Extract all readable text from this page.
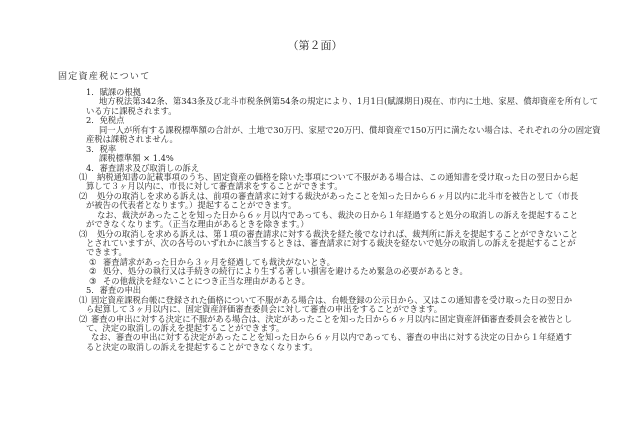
（第２面）
固定資産税について
1．賦課の根拠
地方税法第342条、第343条及び北斗市税条例第54条の規定により、1月1日(賦課期日)現在、市内に土地、家屋、償却資産を所有して
いる方に課税されます。
2．免税点
同一人が所有する課税標準額の合計が、土地で30万円、家屋で20万円、償却資産で150万円に満たない場合は、それぞれの分の固定資
産税は課税されません。
3．税率
課税標準額 × 1.4%
4．審査請求及び取消しの訴え
⑴ 納税通知書の記載事項のうち、固定資産の価格を除いた事項について不服がある場合は、この通知書を受け取った日の翌日から起
算して３ヶ月以内に、市長に対して審査請求をすることができます。
⑵ 処分の取消しを求める訴えは、前項の審査請求に対する裁決があったことを知った日から６ヶ月以内に北斗市を被告として（市長
が被告の代表者となります。）提起することができます。
なお、裁決があったことを知った日から６ヶ月以内であっても、裁決の日から１年経過すると処分の取消しの訴えを提起すること
ができなくなります。（正当な理由があるときを除きます。）
⑶ 処分の取消しを求める訴えは、第１項の審査請求に対する裁決を経た後でなければ、裁判所に訴えを提起することができないこと
とされていますが、次の各号のいずれかに該当するときは、審査請求に対する裁決を経ないで処分の取消しの訴えを提起することが
できます。
① 審査請求があった日から３ヶ月を経過しても裁決がないとき。
② 処分、処分の執行又は手続きの続行により生ずる著しい損害を避けるため緊急の必要があるとき。
③ その他裁決を経ないことにつき正当な理由があるとき。
5．審査の申出
⑴ 固定資産課税台帳に登録された価格について不服がある場合は、台帳登録の公示日から、又はこの通知書を受け取った日の翌日か
ら起算して３ヶ月以内に、固定資産評価審査委員会に対して審査の申出をすることができます。
⑵ 審査の申出に対する決定に不服がある場合は、決定があったことを知った日から６ヶ月以内に固定資産評価審査委員会を被告とし
て、決定の取消しの訴えを提起することができます。
なお、審査の申出に対する決定があったことを知った日から６ヶ月以内であっても、審査の申出に対する決定の日から１年経過す
ると決定の取消しの訴えを提起することができなくなります。
